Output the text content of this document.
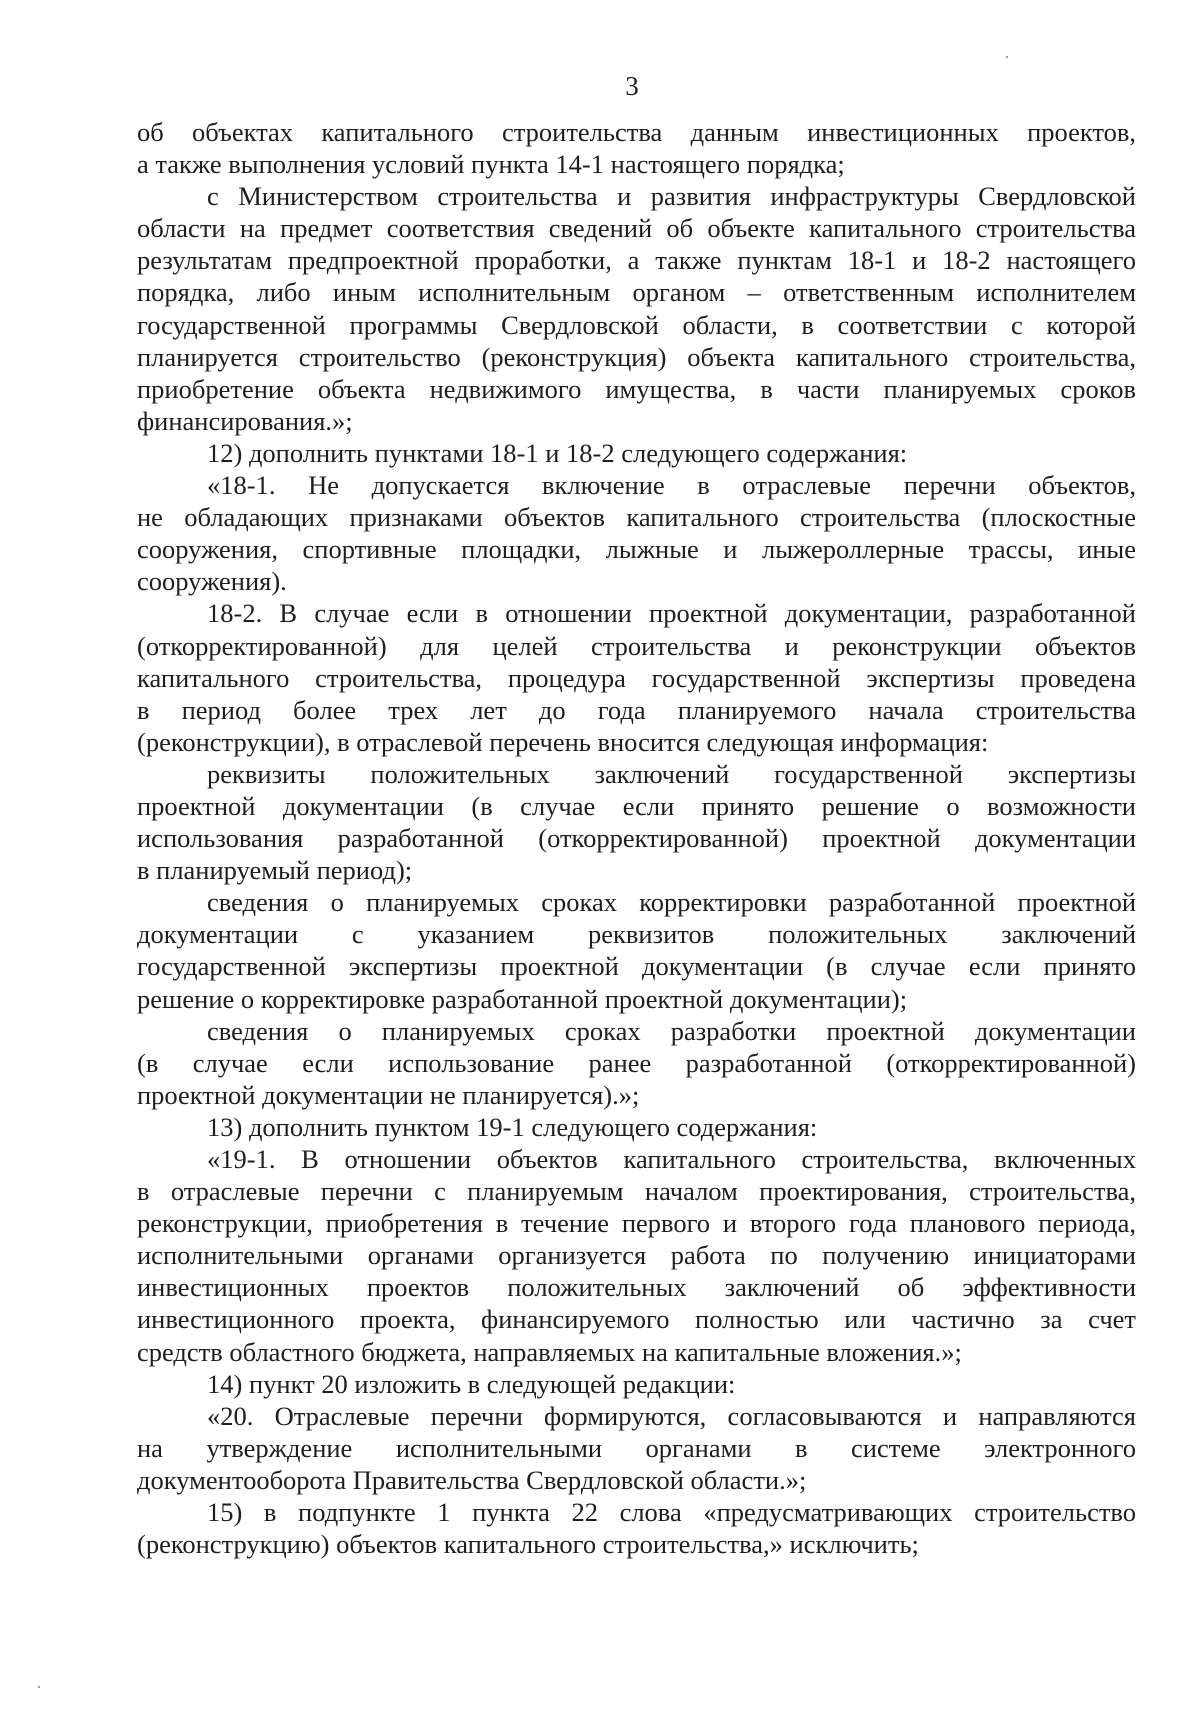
3
об объектах капитального строительства данным инвестиционных проектов,
а также выполнения условий пункта 14-1 настоящего порядка;
с Министерством строительства и развития инфраструктуры Свердловской
области на предмет соответствия сведений об объекте капитального строительства
результатам предпроектной проработки, а также пунктам 18-1 и 18-2 настоящего
порядка, либо иным исполнительным органом – ответственным исполнителем
государственной программы Свердловской области, в соответствии с которой
планируется строительство (реконструкция) объекта капитального строительства,
приобретение объекта недвижимого имущества, в части планируемых сроков
финансирования.»;
12) дополнить пунктами 18-1 и 18-2 следующего содержания:
«18-1. Не допускается включение в отраслевые перечни объектов,
не обладающих признаками объектов капитального строительства (плоскостные
сооружения, спортивные площадки, лыжные и лыжероллерные трассы, иные
сооружения).
18-2. В случае если в отношении проектной документации, разработанной
(откорректированной) для целей строительства и реконструкции объектов
капитального строительства, процедура государственной экспертизы проведена
в период более трех лет до года планируемого начала строительства
(реконструкции), в отраслевой перечень вносится следующая информация:
реквизиты положительных заключений государственной экспертизы
проектной документации (в случае если принято решение о возможности
использования разработанной (откорректированной) проектной документации
в планируемый период);
сведения о планируемых сроках корректировки разработанной проектной
документации с указанием реквизитов положительных заключений
государственной экспертизы проектной документации (в случае если принято
решение о корректировке разработанной проектной документации);
сведения о планируемых сроках разработки проектной документации
(в случае если использование ранее разработанной (откорректированной)
проектной документации не планируется).»;
13) дополнить пунктом 19-1 следующего содержания:
«19-1. В отношении объектов капитального строительства, включенных
в отраслевые перечни с планируемым началом проектирования, строительства,
реконструкции, приобретения в течение первого и второго года планового периода,
исполнительными органами организуется работа по получению инициаторами
инвестиционных проектов положительных заключений об эффективности
инвестиционного проекта, финансируемого полностью или частично за счет
средств областного бюджета, направляемых на капитальные вложения.»;
14) пункт 20 изложить в следующей редакции:
«20. Отраслевые перечни формируются, согласовываются и направляются
на утверждение исполнительными органами в системе электронного
документооборота Правительства Свердловской области.»;
15) в подпункте 1 пункта 22 слова «предусматривающих строительство
(реконструкцию) объектов капитального строительства,» исключить;
